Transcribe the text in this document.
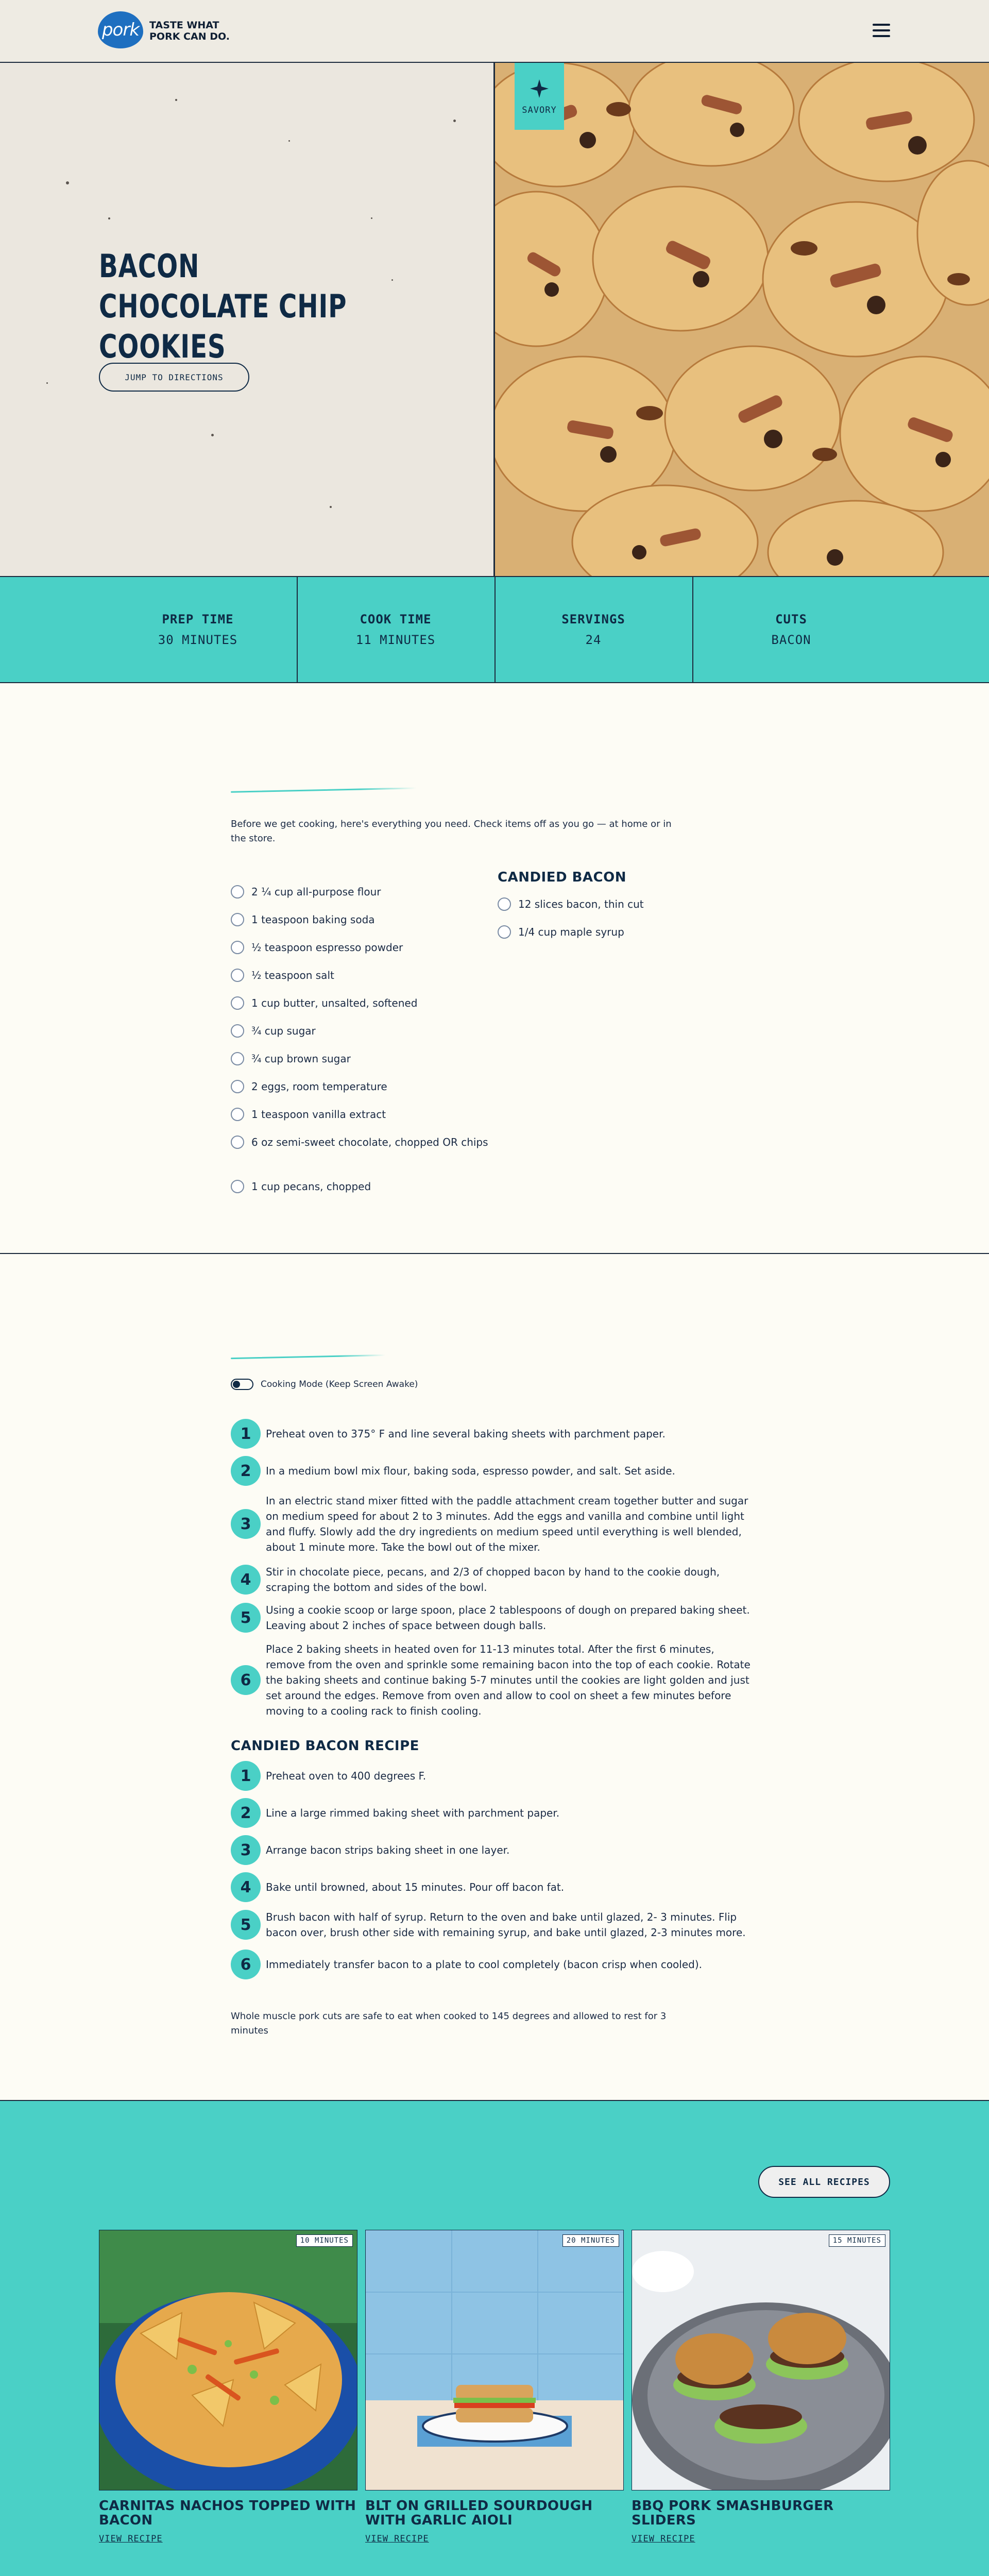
pork	TASTE WHAT PORK CAN DO.
BACON CHOCOLATE CHIP COOKIES
JUMP TO DIRECTIONS
SAVORY
PREP TIME
30 MINUTES
COOK TIME
11 MINUTES
SERVINGS
24
CUTS
BACON

Before we get cooking, here's everything you need. Check items off as you go — at home or in the store.

2 ¼ cup all-purpose flour
1 teaspoon baking soda
½ teaspoon espresso powder
½ teaspoon salt
1 cup butter, unsalted, softened
¾ cup sugar
¾ cup brown sugar
2 eggs, room temperature
1 teaspoon vanilla extract
6 oz semi-sweet chocolate, chopped OR chips
1 cup pecans, chopped
CANDIED BACON
12 slices bacon, thin cut
1/4 cup maple syrup
Cooking Mode (Keep Screen Awake)
1	Preheat oven to 375° F and line several baking sheets with parchment paper.
2	In a medium bowl mix flour, baking soda, espresso powder, and salt. Set aside.
3
In an electric stand mixer fitted with the paddle attachment cream together butter and sugar on medium speed for about 2 to 3 minutes. Add the eggs and vanilla and combine until light and fluffy. Slowly add the dry ingredients on medium speed until everything is well blended, about 1 minute more. Take the bowl out of the mixer.
4	Stir in chocolate piece, pecans, and 2/3 of chopped bacon by hand to the cookie dough, scraping the bottom and sides of the bowl.
5	Using a cookie scoop or large spoon, place 2 tablespoons of dough on prepared baking sheet. Leaving about 2 inches of space between dough balls.
6
Place 2 baking sheets in heated oven for 11-13 minutes total. After the first 6 minutes, remove from the oven and sprinkle some remaining bacon into the top of each cookie. Rotate the baking sheets and continue baking 5-7 minutes until the cookies are light golden and just set around the edges. Remove from oven and allow to cool on sheet a few minutes before moving to a cooling rack to finish cooling.
CANDIED BACON RECIPE
1	Preheat oven to 400 degrees F.
2	Line a large rimmed baking sheet with parchment paper.
3	Arrange bacon strips baking sheet in one layer.
4	Bake until browned, about 15 minutes. Pour off bacon fat.
5	Brush bacon with half of syrup. Return to the oven and bake until glazed, 2- 3 minutes. Flip bacon over, brush other side with remaining syrup, and bake until glazed, 2-3 minutes more.
6	Immediately transfer bacon to a plate to cool completely (bacon crisp when cooled).

Whole muscle pork cuts are safe to eat when cooked to 145 degrees and allowed to rest for 3 minutes

SEE ALL RECIPES
10 MINUTES
CARNITAS NACHOS TOPPED WITH BACON
VIEW RECIPE
20 MINUTES
BLT ON GRILLED SOURDOUGH WITH GARLIC AIOLI
VIEW RECIPE
15 MINUTES
BBQ PORK SMASHBURGER SLIDERS
VIEW RECIPE
